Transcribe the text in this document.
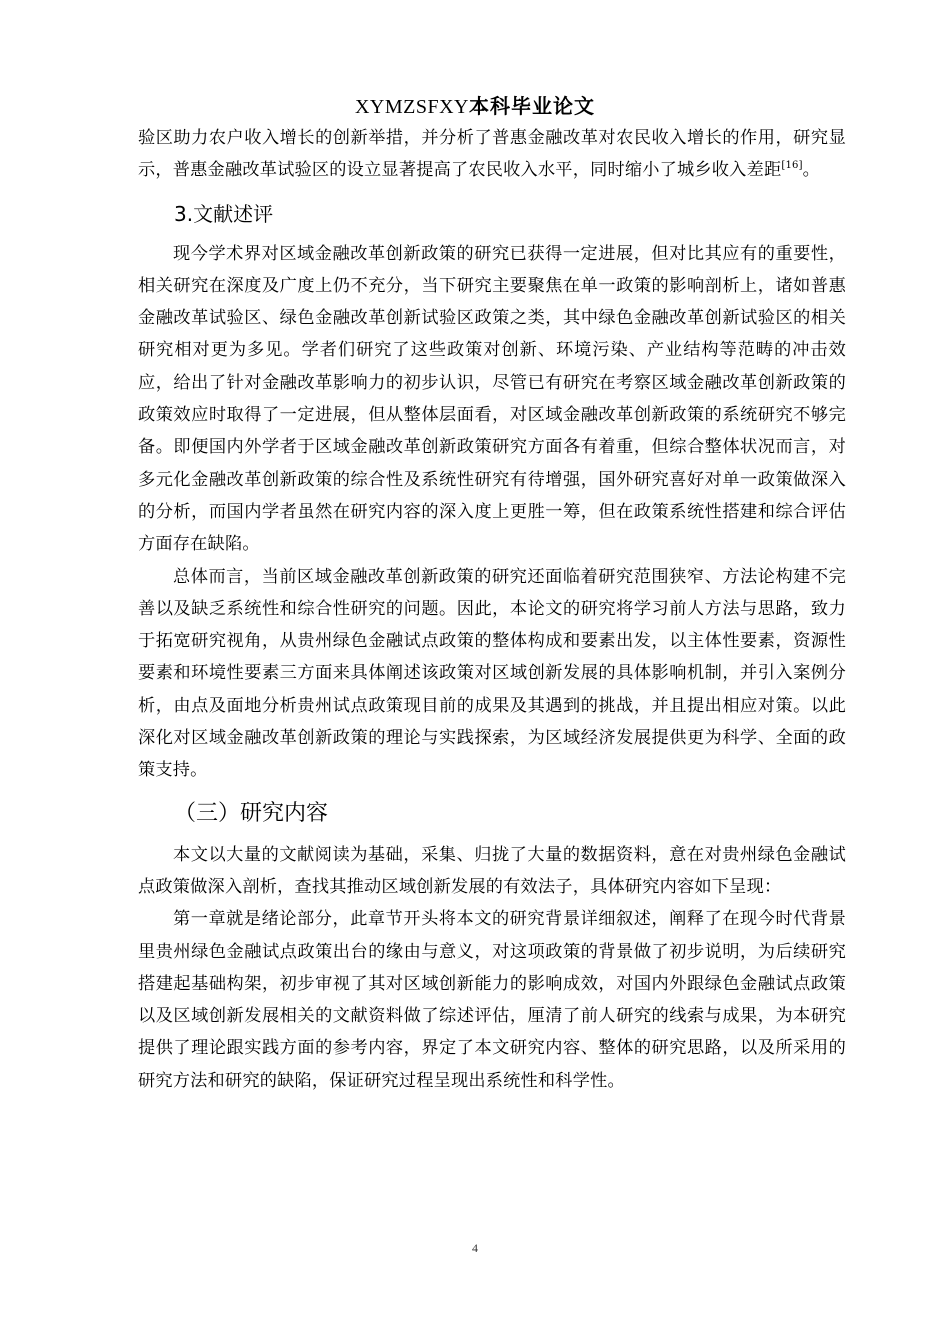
XYMZSFXY本科毕业论文

验区助力农户收入增长的创新举措，并分析了普惠金融改革对农民收入增长的作用，研究显示，普惠金融改革试验区的设立显著提高了农民收入水平，同时缩小了城乡收入差距[16]。

3.文献述评

现今学术界对区域金融改革创新政策的研究已获得一定进展，但对比其应有的重要性，相关研究在深度及广度上仍不充分，当下研究主要聚焦在单一政策的影响剖析上，诸如普惠金融改革试验区、绿色金融改革创新试验区政策之类，其中绿色金融改革创新试验区的相关研究相对更为多见。学者们研究了这些政策对创新、环境污染、产业结构等范畴的冲击效应，给出了针对金融改革影响力的初步认识，尽管已有研究在考察区域金融改革创新政策的政策效应时取得了一定进展，但从整体层面看，对区域金融改革创新政策的系统研究不够完备。即便国内外学者于区域金融改革创新政策研究方面各有着重，但综合整体状况而言，对多元化金融改革创新政策的综合性及系统性研究有待增强，国外研究喜好对单一政策做深入的分析，而国内学者虽然在研究内容的深入度上更胜一筹，但在政策系统性搭建和综合评估方面存在缺陷。

总体而言，当前区域金融改革创新政策的研究还面临着研究范围狭窄、方法论构建不完善以及缺乏系统性和综合性研究的问题。因此，本论文的研究将学习前人方法与思路，致力于拓宽研究视角，从贵州绿色金融试点政策的整体构成和要素出发，以主体性要素，资源性要素和环境性要素三方面来具体阐述该政策对区域创新发展的具体影响机制，并引入案例分析，由点及面地分析贵州试点政策现目前的成果及其遇到的挑战，并且提出相应对策。以此深化对区域金融改革创新政策的理论与实践探索，为区域经济发展提供更为科学、全面的政策支持。

（三）研究内容

本文以大量的文献阅读为基础，采集、归拢了大量的数据资料，意在对贵州绿色金融试点政策做深入剖析，查找其推动区域创新发展的有效法子，具体研究内容如下呈现：

第一章就是绪论部分，此章节开头将本文的研究背景详细叙述，阐释了在现今时代背景里贵州绿色金融试点政策出台的缘由与意义，对这项政策的背景做了初步说明，为后续研究搭建起基础构架，初步审视了其对区域创新能力的影响成效，对国内外跟绿色金融试点政策以及区域创新发展相关的文献资料做了综述评估，厘清了前人研究的线索与成果，为本研究提供了理论跟实践方面的参考内容，界定了本文研究内容、整体的研究思路，以及所采用的研究方法和研究的缺陷，保证研究过程呈现出系统性和科学性。

4
